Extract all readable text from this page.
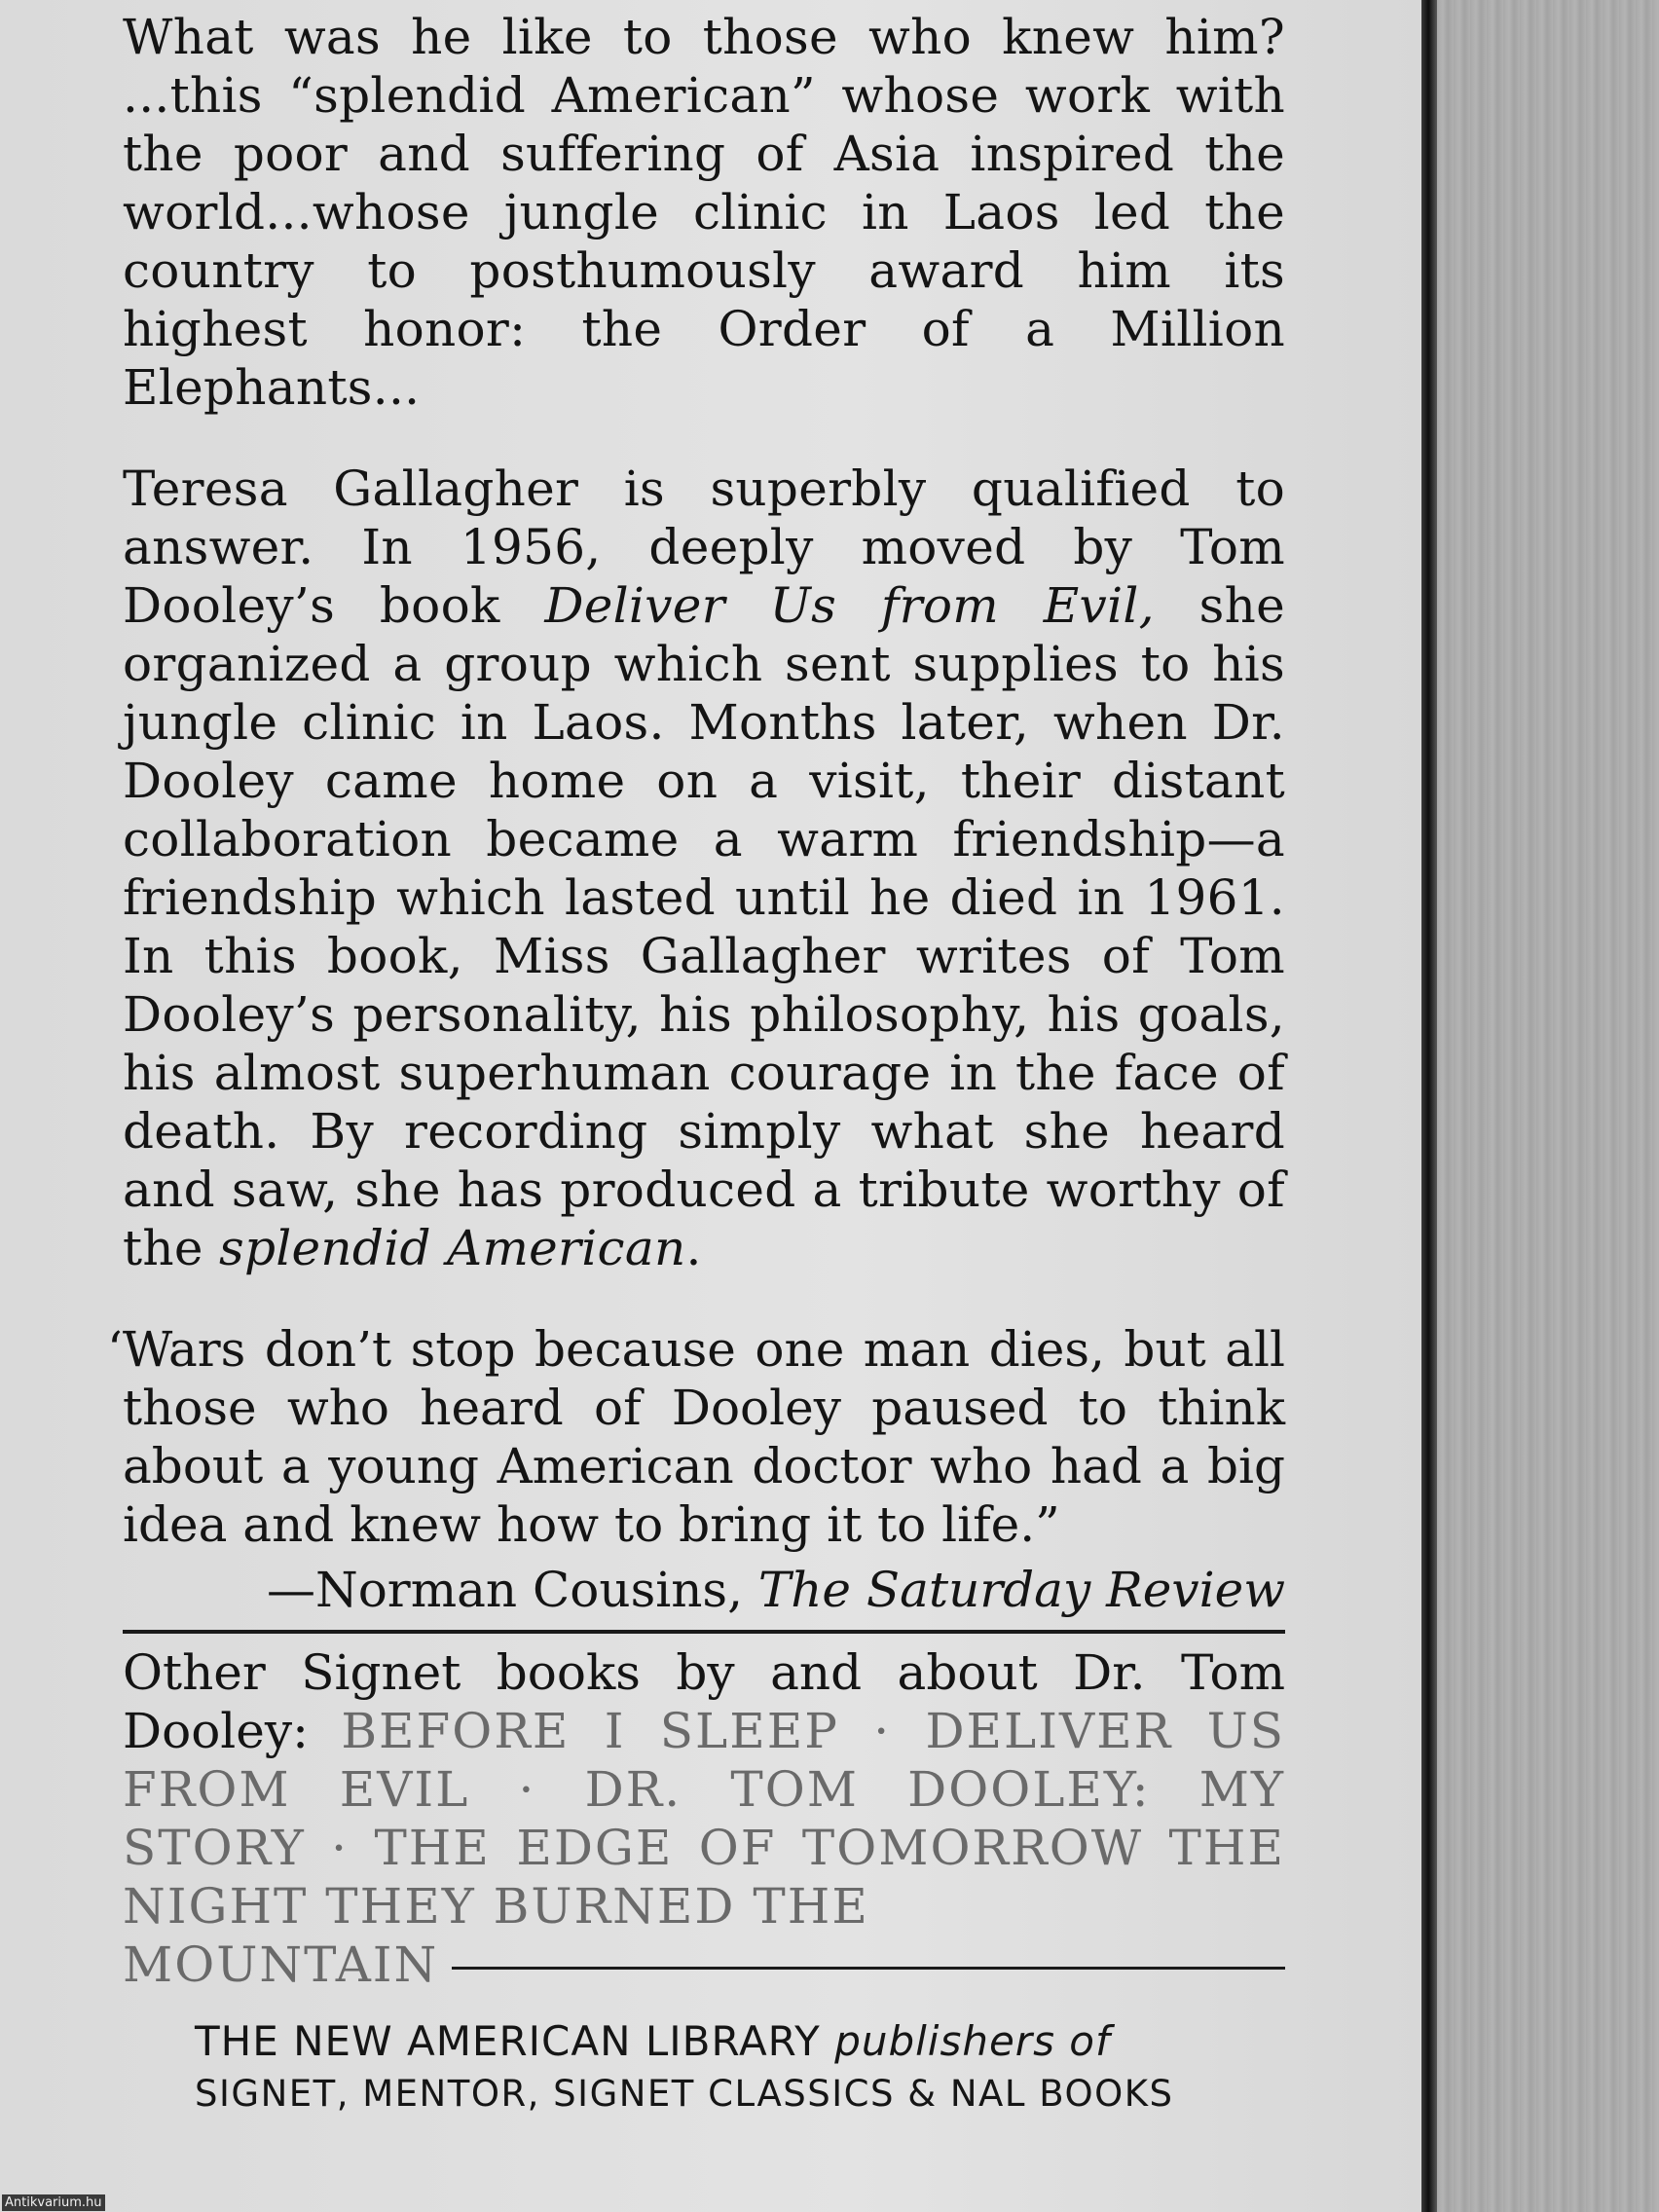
What was he like to those who knew him? ...this “splendid American” whose work with the poor and suffering of Asia inspired the world...whose jungle clinic in Laos led the country to posthumously award him its highest honor: the Order of a Million Elephants...

Teresa Gallagher is superbly qualified to answer. In 1956, deeply moved by Tom Dooley’s book Deliver Us from Evil, she organized a group which sent supplies to his jungle clinic in Laos. Months later, when Dr. Dooley came home on a visit, their distant collaboration became a warm friendship—a friendship which lasted until he died in 1961. In this book, Miss Gallagher writes of Tom Dooley’s personality, his philosophy, his goals, his almost superhuman courage in the face of death. By recording simply what she heard and saw, she has produced a tribute worthy of the splendid American.

‘Wars don’t stop because one man dies, but all those who heard of Dooley paused to think about a young American doctor who had a big idea and knew how to bring it to life.”

—Norman Cousins, The Saturday Review

Other Signet books by and about Dr. Tom Dooley: BEFORE I SLEEP · DELIVER US FROM EVIL · DR. TOM DOOLEY: MY STORY · THE EDGE OF TOMORROW THE NIGHT THEY BURNED THE

MOUNTAIN
THE NEW AMERICAN LIBRARY publishers of
SIGNET, MENTOR, SIGNET CLASSICS & NAL BOOKS
Antikvarium.hu
